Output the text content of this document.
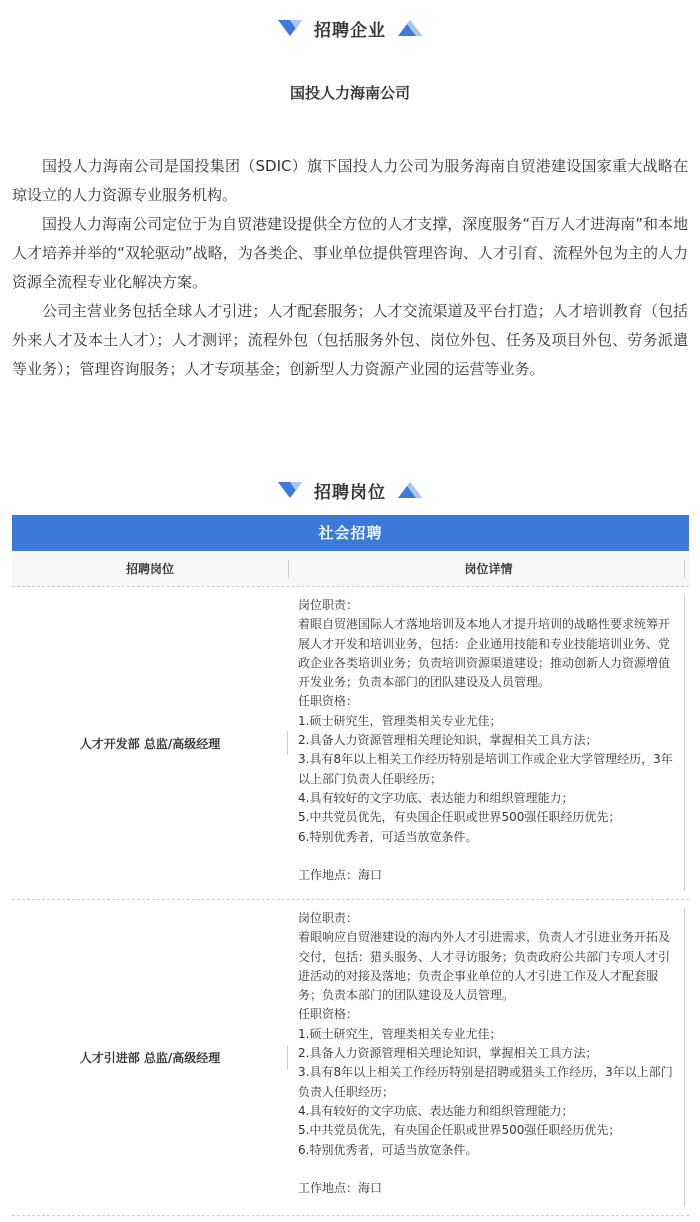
招聘企业
国投人力海南公司

国投人力海南公司是国投集团（SDIC）旗下国投人力公司为服务海南自贸港建设国家重大战略在琼设立的人力资源专业服务机构。

国投人力海南公司定位于为自贸港建设提供全方位的人才支撑，深度服务“百万人才进海南”和本地人才培养并举的“双轮驱动”战略，为各类企、事业单位提供管理咨询、人才引育、流程外包为主的人力资源全流程专业化解决方案。

公司主营业务包括全球人才引进；人才配套服务；人才交流渠道及平台打造；人才培训教育（包括外来人才及本土人才）；人才测评；流程外包（包括服务外包、岗位外包、任务及项目外包、劳务派遣等业务）；管理咨询服务；人才专项基金；创新型人力资源产业园的运营等业务。

招聘岗位
社会招聘
招聘岗位	岗位详情
人才开发部 总监/高级经理
岗位职责：
着眼自贸港国际人才落地培训及本地人才提升培训的战略性要求统筹开展人才开发和培训业务，包括：企业通用技能和专业技能培训业务、党政企业各类培训业务；负责培训资源渠道建设；推动创新人力资源增值开发业务；负责本部门的团队建设及人员管理。
任职资格：
1.硕士研究生，管理类相关专业尤佳；
2.具备人力资源管理相关理论知识，掌握相关工具方法；
3.具有8年以上相关工作经历特别是培训工作或企业大学管理经历，3年以上部门负责人任职经历；
4.具有较好的文字功底、表达能力和组织管理能力；
5.中共党员优先，有央国企任职或世界500强任职经历优先；
6.特别优秀者，可适当放宽条件。
工作地点：海口
人才引进部 总监/高级经理
岗位职责：
着眼响应自贸港建设的海内外人才引进需求，负责人才引进业务开拓及交付，包括：猎头服务、人才寻访服务；负责政府公共部门专项人才引进活动的对接及落地；负责企事业单位的人才引进工作及人才配套服务；负责本部门的团队建设及人员管理。
任职资格：
1.硕士研究生，管理类相关专业尤佳；
2.具备人力资源管理相关理论知识，掌握相关工具方法；
3.具有8年以上相关工作经历特别是招聘或猎头工作经历，3年以上部门负责人任职经历；
4.具有较好的文字功底、表达能力和组织管理能力；
5.中共党员优先，有央国企任职或世界500强任职经历优先；
6.特别优秀者，可适当放宽条件。
工作地点：海口
